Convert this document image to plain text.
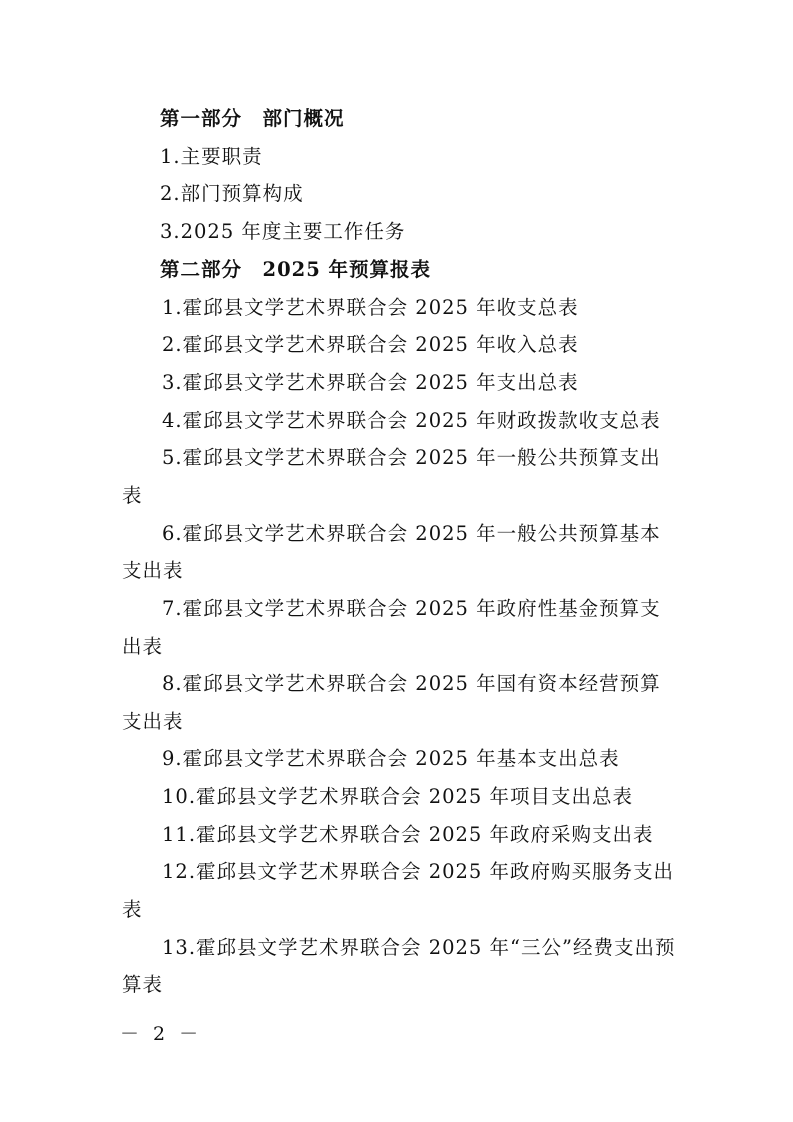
第一部分　部门概况
1.主要职责
2.部门预算构成
3.2025 年度主要工作任务
第二部分　2025 年预算报表
1.霍邱县文学艺术界联合会 2025 年收支总表
2.霍邱县文学艺术界联合会 2025 年收入总表
3.霍邱县文学艺术界联合会 2025 年支出总表
4.霍邱县文学艺术界联合会 2025 年财政拨款收支总表
5.霍邱县文学艺术界联合会 2025 年一般公共预算支出
表
6.霍邱县文学艺术界联合会 2025 年一般公共预算基本
支出表
7.霍邱县文学艺术界联合会 2025 年政府性基金预算支
出表
8.霍邱县文学艺术界联合会 2025 年国有资本经营预算
支出表
9.霍邱县文学艺术界联合会 2025 年基本支出总表
10.霍邱县文学艺术界联合会 2025 年项目支出总表
11.霍邱县文学艺术界联合会 2025 年政府采购支出表
12.霍邱县文学艺术界联合会 2025 年政府购买服务支出
表
13.霍邱县文学艺术界联合会 2025 年“三公”经费支出预
算表
－ 2 －
